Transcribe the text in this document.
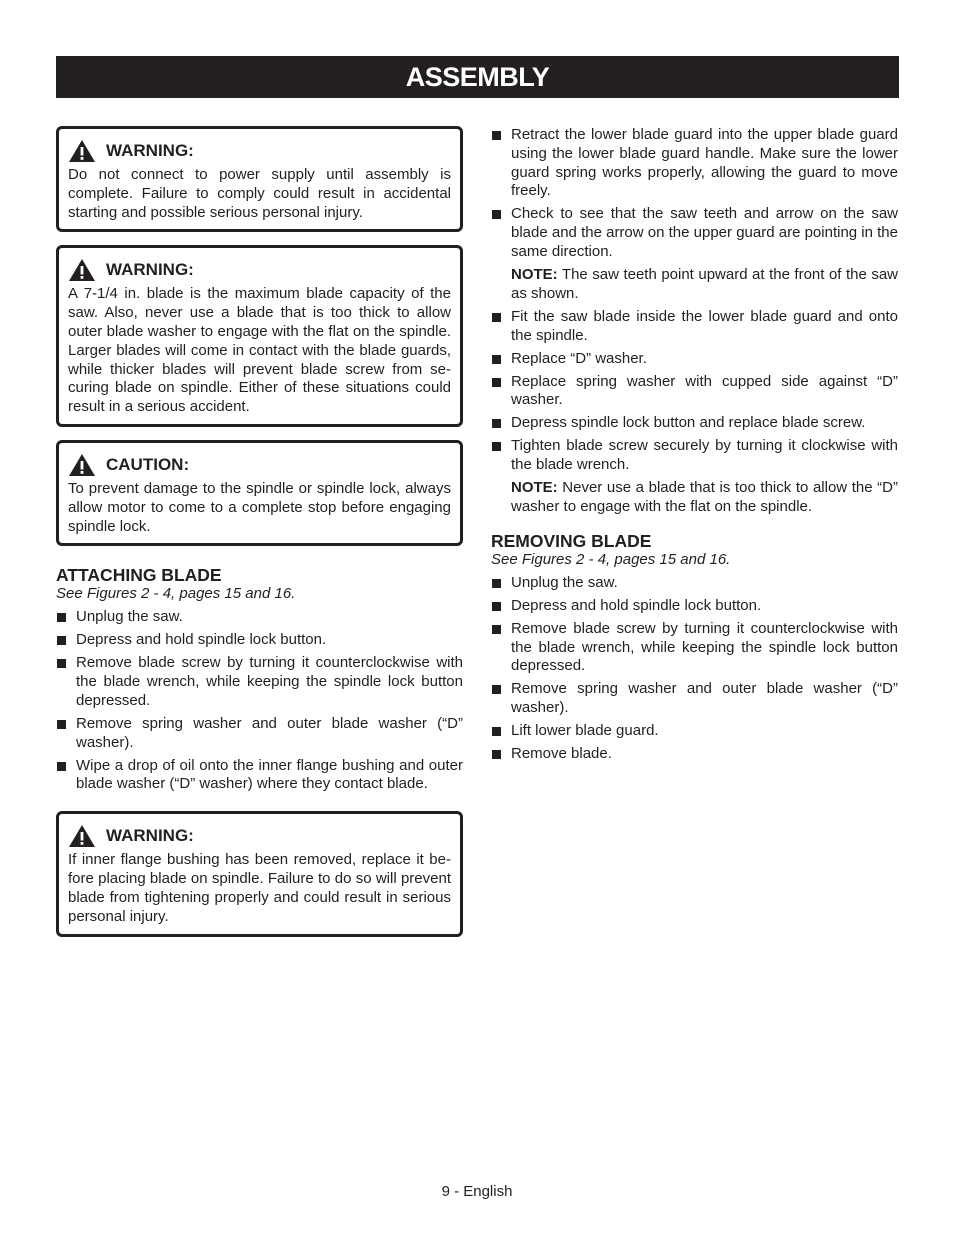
ASSEMBLY
WARNING:
Do not connect to power supply until assembly is complete. Failure to comply could result in accidental starting and possible serious personal injury.
WARNING:
A 7-1/4 in. blade is the maximum blade capacity of the saw. Also, never use a blade that is too thick to allow outer blade washer to engage with the flat on the spindle. Larger blades will come in contact with the blade guards, while thicker blades will prevent blade screw from se-curing blade on spindle. Either of these situations could result in a serious accident.
CAUTION:
To prevent damage to the spindle or spindle lock, always allow motor to come to a complete stop before engaging spindle lock.
ATTACHING BLADE
See Figures 2 - 4, pages 15 and 16.
Unplug the saw.
Depress and hold spindle lock button.
Remove blade screw by turning it counterclockwise with the blade wrench, while keeping the spindle lock button depressed.
Remove spring washer and outer blade washer (“D” washer).
Wipe a drop of oil onto the inner flange bushing and outer blade washer (“D” washer) where they contact blade.
WARNING:
If inner flange bushing has been removed, replace it be-fore placing blade on spindle. Failure to do so will prevent blade from tightening properly and could result in serious personal injury.
Retract the lower blade guard into the upper blade guard using the lower blade guard handle. Make sure the lower guard spring works properly, allowing the guard to move freely.
Check to see that the saw teeth and arrow on the saw blade and the arrow on the upper guard are pointing in the same direction.

NOTE: The saw teeth point upward at the front of the saw as shown.

Fit the saw blade inside the lower blade guard and onto the spindle.
Replace “D” washer.
Replace spring washer with cupped side against “D” washer.
Depress spindle lock button and replace blade screw.
Tighten blade screw securely by turning it clockwise with the blade wrench.

NOTE: Never use a blade that is too thick to allow the “D” washer to engage with the flat on the spindle.

REMOVING BLADE
See Figures 2 - 4, pages 15 and 16.
Unplug the saw.
Depress and hold spindle lock button.
Remove blade screw by turning it counterclockwise with the blade wrench, while keeping the spindle lock button depressed.
Remove spring washer and outer blade washer (“D” washer).
Lift lower blade guard.
Remove blade.
9 - English
